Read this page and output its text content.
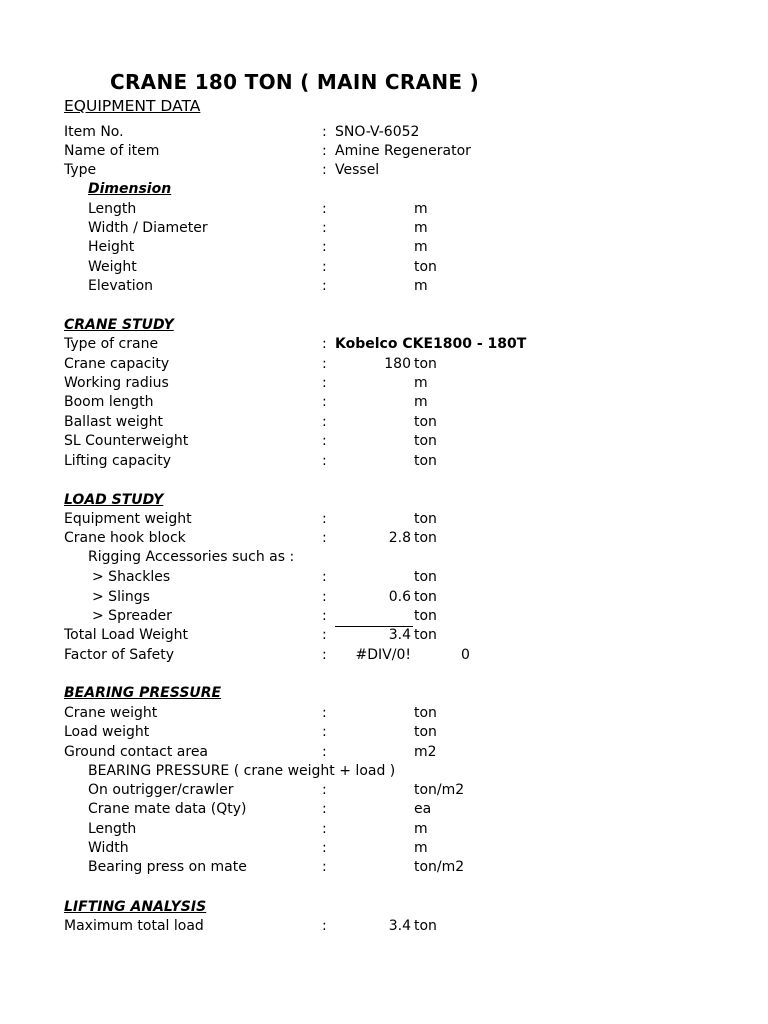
CRANE 180 TON ( MAIN CRANE )
EQUIPMENT DATA
Item No.	: SNO-V-6052
Name of item	: Amine Regenerator
Type	: Vessel
Dimension
Length	:	m
Width / Diameter	:	m
Height	:	m
Weight	:	ton
Elevation	:	m
CRANE STUDY
Type of crane	: Kobelco CKE1800 - 180T
Crane capacity	:	180 ton
Working radius	:	m
Boom length	:	m
Ballast weight	:	ton
SL Counterweight	:	ton
Lifting capacity	:	ton
LOAD STUDY
Equipment weight	:	ton
Crane hook block	:	2.8 ton
Rigging Accessories such as :
> Shackles	:	ton
> Slings	:	0.6 ton
> Spreader	:	ton
Total Load Weight	:	3.4 ton
Factor of Safety	: #DIV/0!	0
BEARING PRESSURE
Crane weight	:	ton
Load weight	:	ton
Ground contact area	:	m2
BEARING PRESSURE ( crane weight + load )
On outrigger/crawler	:	ton/m2
Crane mate data (Qty)	:	ea
Length	:	m
Width	:	m
Bearing press on mate	:	ton/m2
LIFTING ANALYSIS
Maximum total load	:	3.4 ton
